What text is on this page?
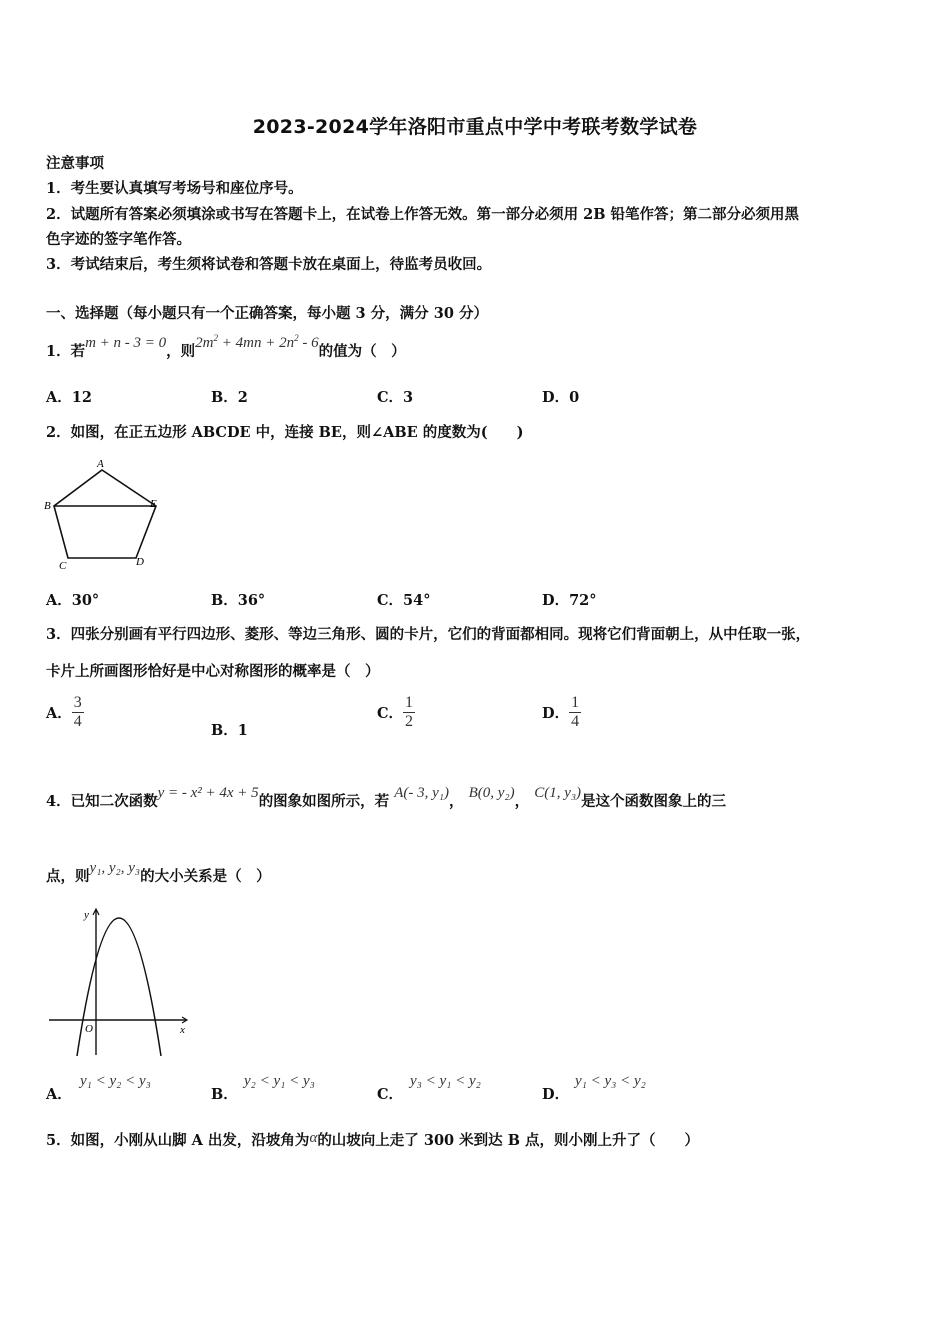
2023-2024学年洛阳市重点中学中考联考数学试卷
注意事项
1．考生要认真填写考场号和座位序号。
2．试题所有答案必须填涂或书写在答题卡上，在试卷上作答无效。第一部分必须用 2B 铅笔作答；第二部分必须用黑
色字迹的签字笔作答。
3．考试结束后，考生须将试卷和答题卡放在桌面上，待监考员收回。
一、选择题（每小题只有一个正确答案，每小题 3 分，满分 30 分）
1．若m + n - 3 = 0，则$2m^2 + 4mn + 2n^2 - 6$的值为（　）
A．12	B．2	C．3	D．0
2．如图，在正五边形 ABCDE 中，连接 BE，则∠ABE 的度数为(　　)
A
B
C	D
E
A．30°	B．36°	C．54°	D．72°
3．四张分别画有平行四边形、菱形、等边三角形、圆的卡片，它们的背面都相同。现将它们背面朝上，从中任取一张，
卡片上所画图形恰好是中心对称图形的概率是（　）
A． $\frac{3}{4}$	B．1
C． $\frac{1}{2}$	D． $\frac{1}{4}$
4．已知二次函数y = - x² + 4x + 5的图象如图所示，若 A(- 3, y₁)， B(0, y₂)， C(1, y₃)是这个函数图象上的三
点，则y₁, y₂, y₃的大小关系是（　）
y
x
O
A．
y₁ < y₂ < y₃
B．
y₂ < y₁ < y₃
C．
y₃ < y₁ < y₂
D．
y₁ < y₃ < y₂
5．如图，小刚从山脚 A 出发，沿坡角为α的山坡向上走了 300 米到达 B 点，则小刚上升了（　　）
